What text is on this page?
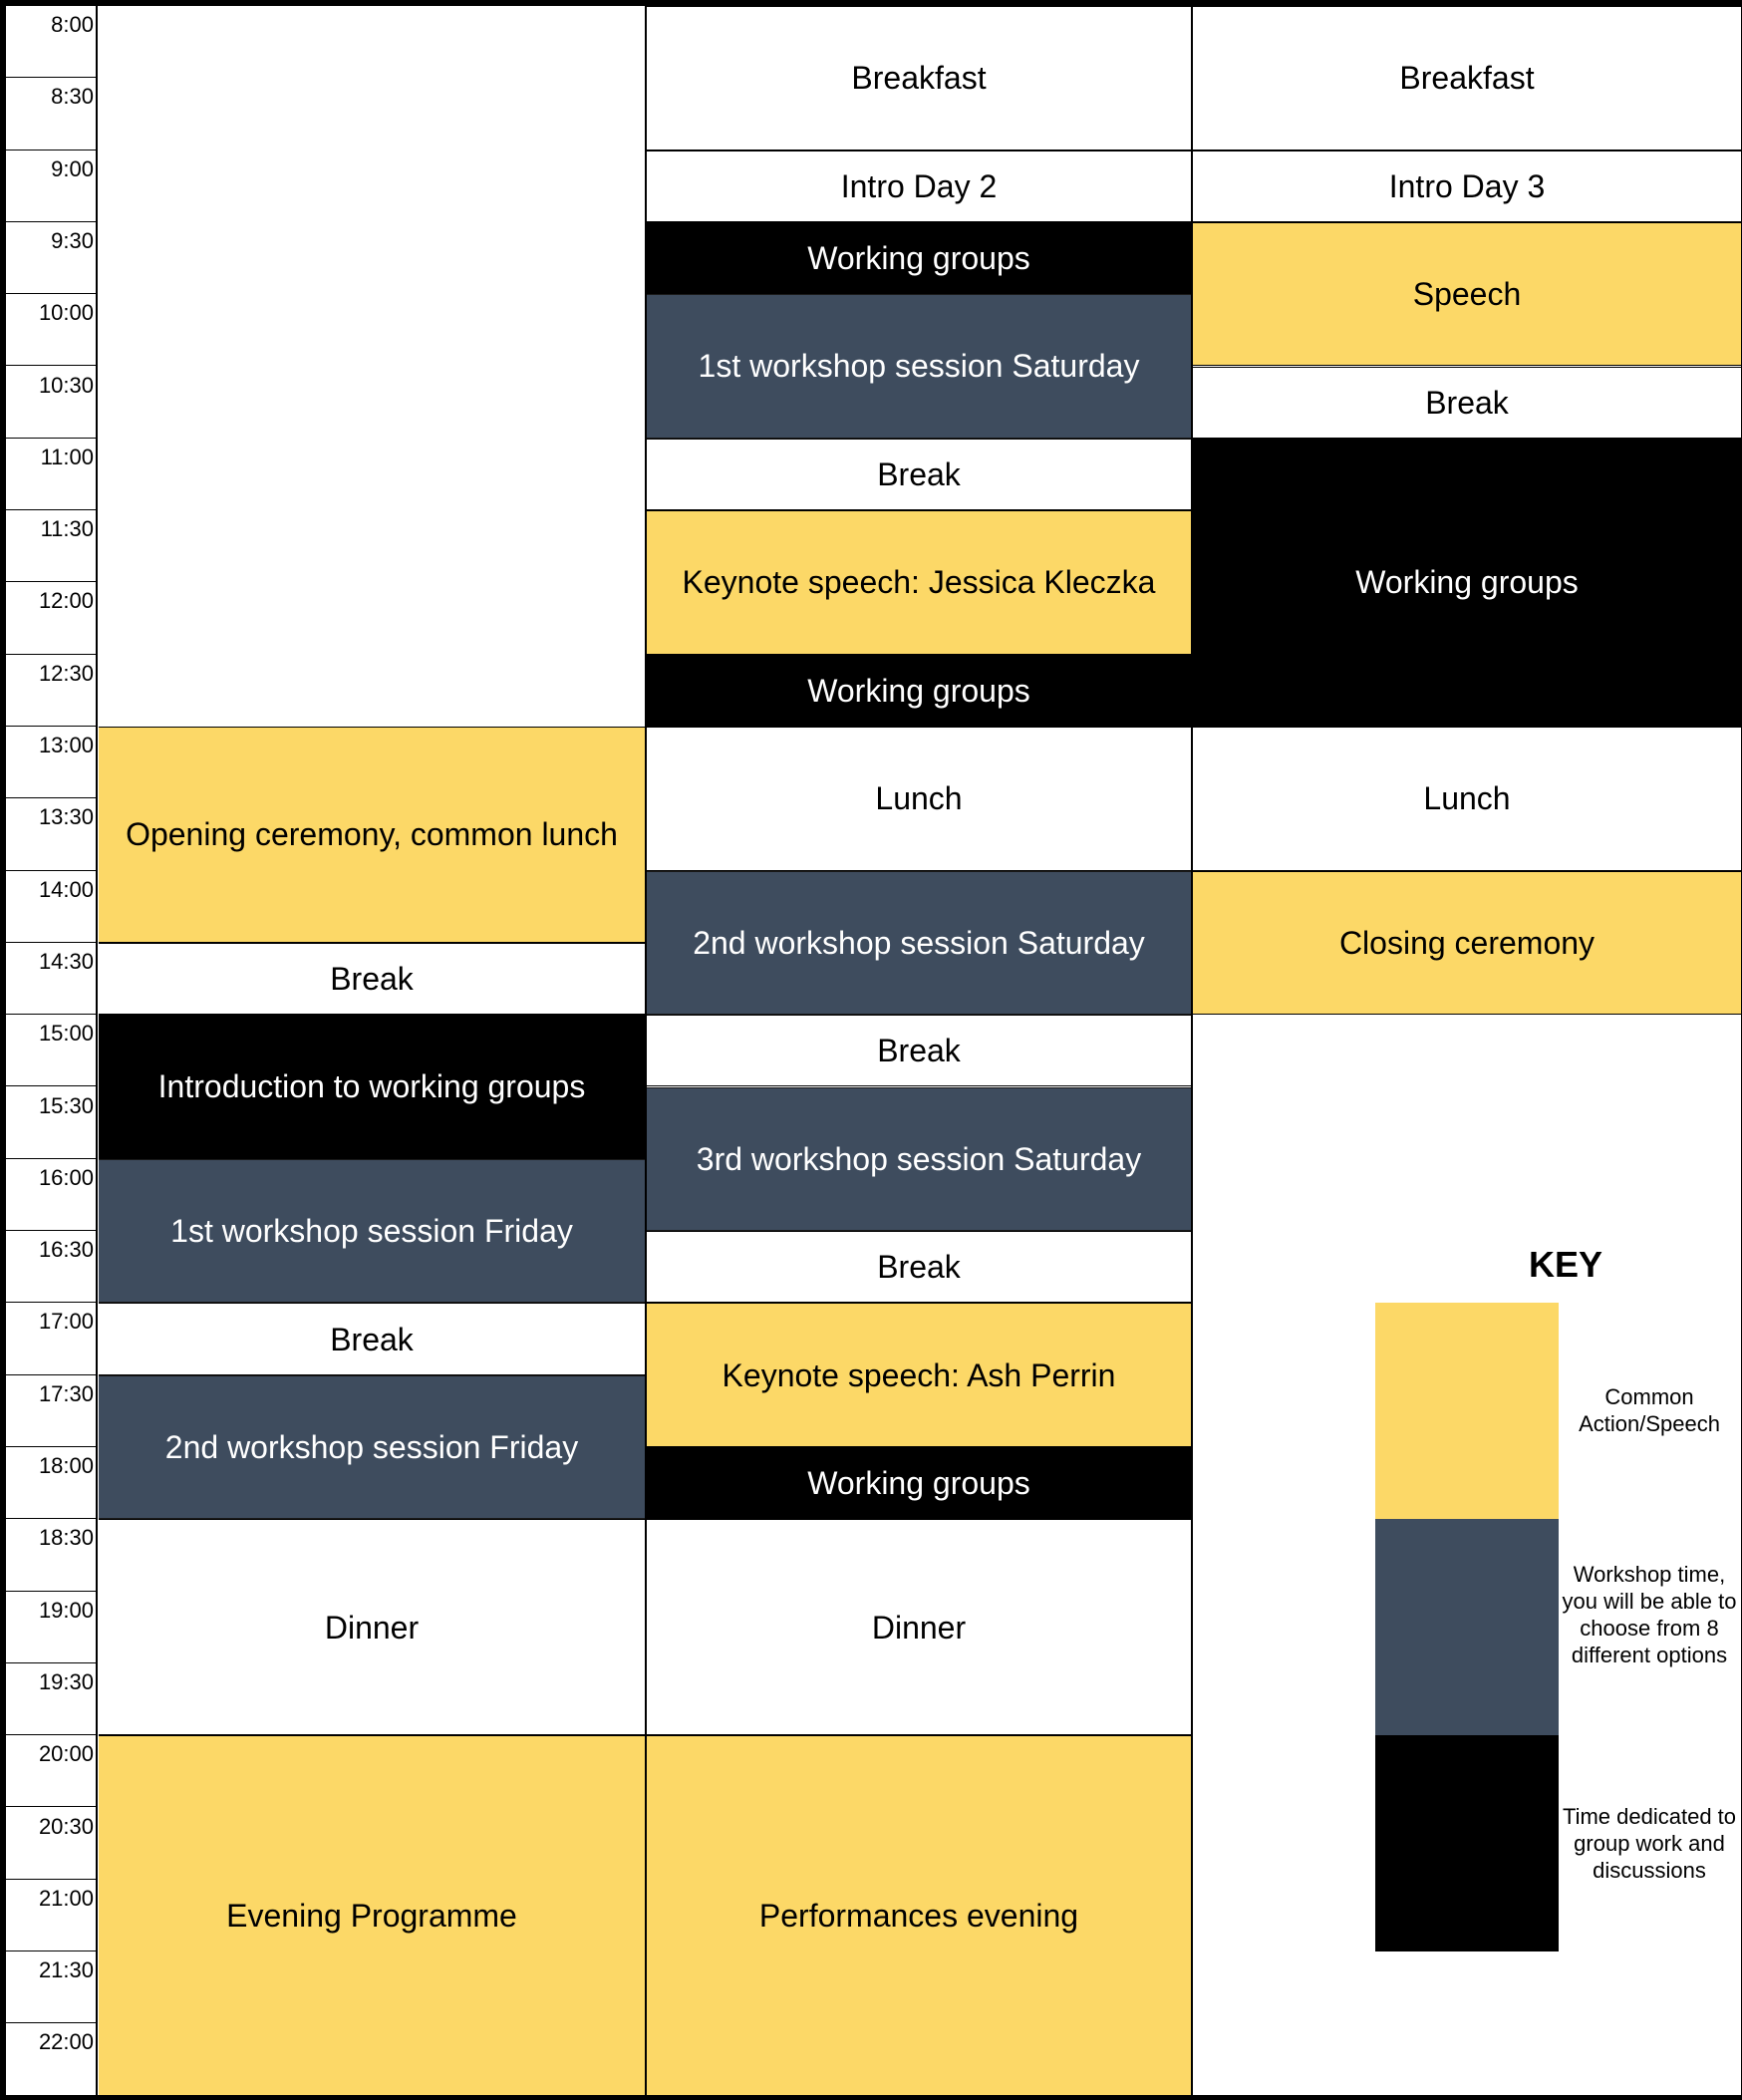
8:00
8:30
9:00
9:30
10:00
10:30
11:00
11:30
12:00
12:30
13:00
13:30
14:00
14:30
15:00
15:30
16:00
16:30
17:00
17:30
18:00
18:30
19:00
19:30
20:00
20:30
21:00
21:30
22:00
Opening ceremony, common lunch
Break
Introduction to working groups
1st workshop session Friday
Break
2nd workshop session Friday
Dinner
Evening Programme
Breakfast
Intro Day 2
Working groups
1st workshop session Saturday
Break
Keynote speech: Jessica Kleczka
Working groups
Lunch
2nd workshop session Saturday
Break
3rd workshop session Saturday
Break
Keynote speech: Ash Perrin
Working groups
Dinner
Performances evening
Breakfast
Intro Day 3
Speech
Break
Working groups
Lunch
Closing ceremony
KEY
Common Action/Speech
Workshop time, you will be able to choose from 8 different options
Time dedicated to group work and discussions
